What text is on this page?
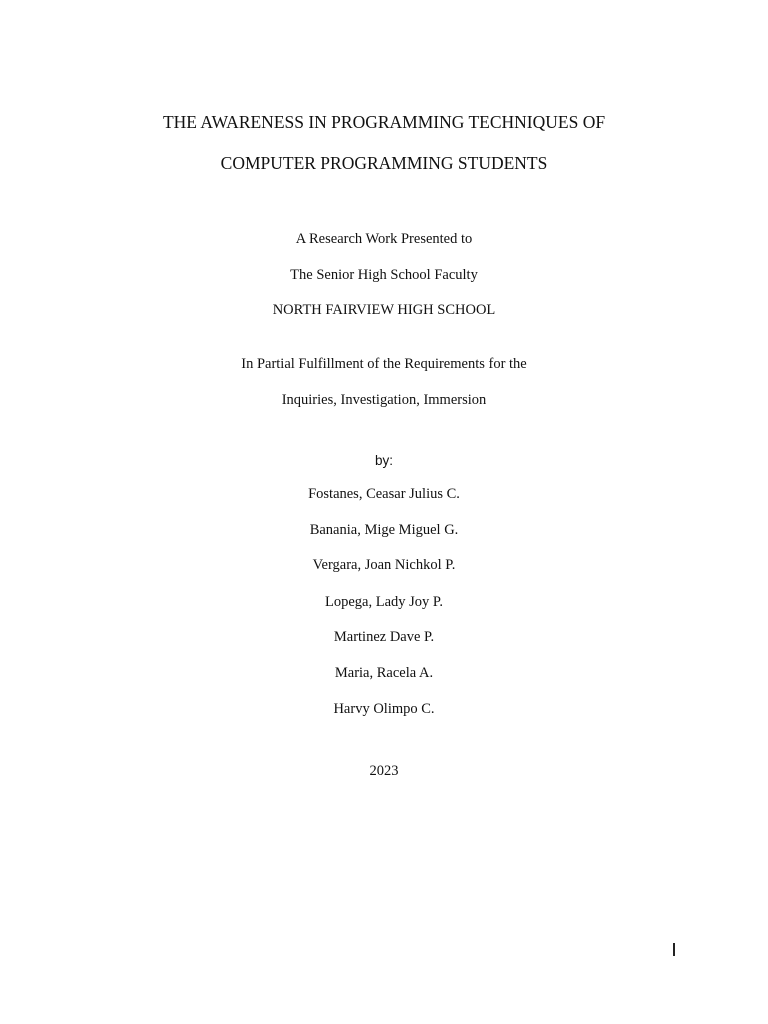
THE AWARENESS IN PROGRAMMING TECHNIQUES OF
COMPUTER PROGRAMMING STUDENTS
A Research Work Presented to
The Senior High School Faculty
NORTH FAIRVIEW HIGH SCHOOL
In Partial Fulfillment of the Requirements for the
Inquiries, Investigation, Immersion
by:
Fostanes, Ceasar Julius C.
Banania, Mige Miguel G.
Vergara, Joan Nichkol P.
Lopega, Lady Joy P.
Martinez Dave P.
Maria, Racela A.
Harvy Olimpo C.
2023
